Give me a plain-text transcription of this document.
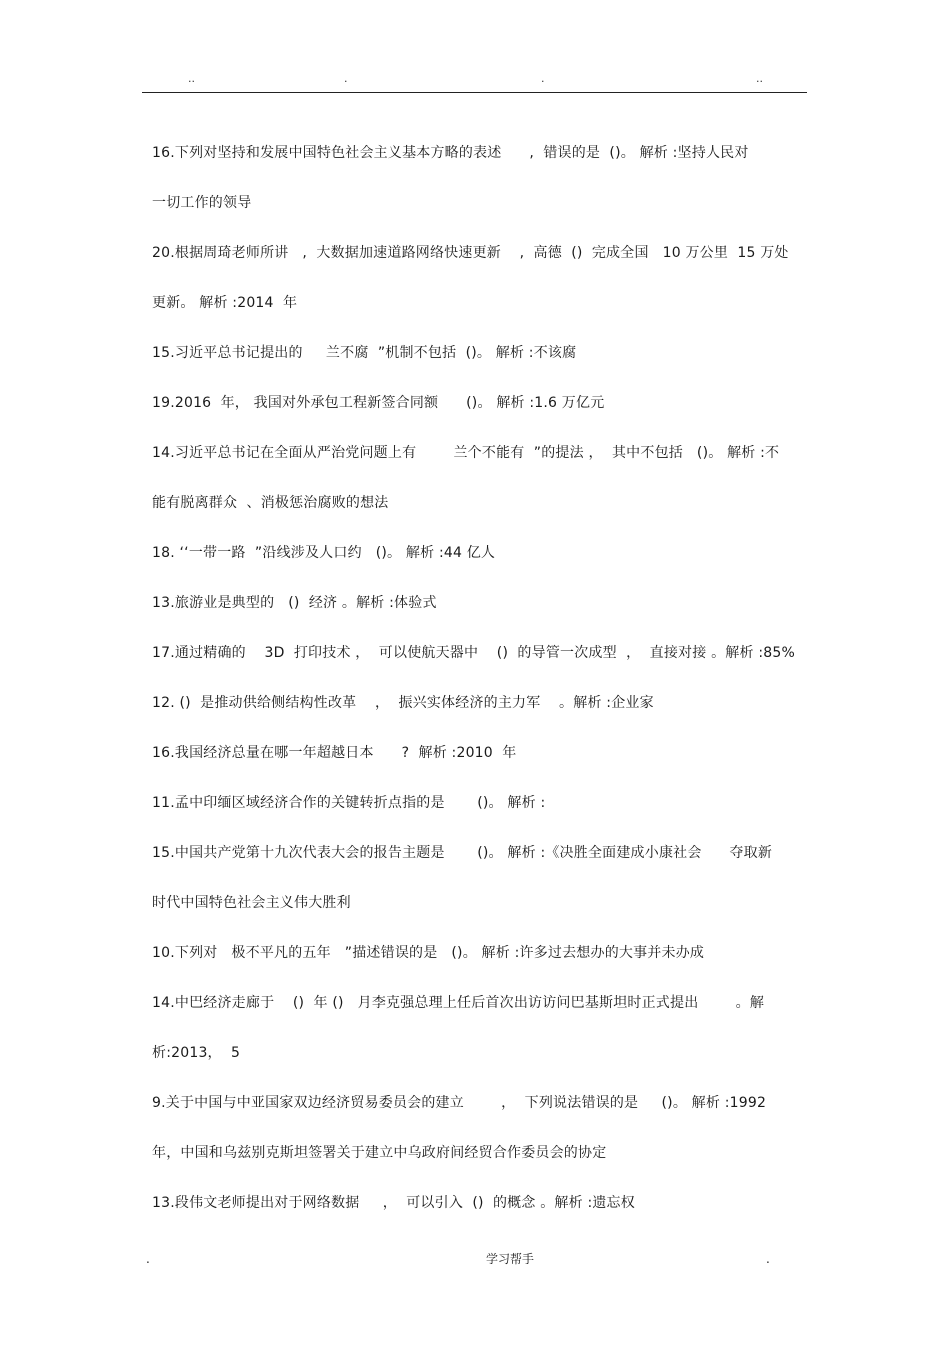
..	.	.	..
16.下列对坚持和发展中国特色社会主义基本方略的表述      ,  错误的是  ()。 解析 :坚持人民对
一切工作的领导
20.根据周琦老师所讲   ,  大数据加速道路网络快速更新    ,  高德  ()  完成全国   10 万公里  15 万处
更新。 解析 :2014  年
15.习近平总书记提出的     兰不腐  ”机制不包括  ()。 解析 :不该腐
19.2016  年， 我国对外承包工程新签合同额      ()。 解析 :1.6 万亿元
14.习近平总书记在全面从严治党问题上有        兰个不能有  ”的提法 ，  其中不包括   ()。 解析 :不
能有脱离群众  、消极惩治腐败的想法
18. ‘‘一带一路  ”沿线涉及人口约   ()。 解析 :44 亿人
13.旅游业是典型的   ()  经济 。解析 :体验式
17.通过精确的    3D  打印技术 ，  可以使航天器中    ()  的导管一次成型  ，  直接对接 。解析 :85%
12. ()  是推动供给侧结构性改革    ，  振兴实体经济的主力军    。解析 :企业家
16.我国经济总量在哪一年超越日本      ?  解析 :2010  年
11.孟中印缅区域经济合作的关键转折点指的是       ()。 解析 :
15.中国共产党第十九次代表大会的报告主题是       ()。 解析 :《决胜全面建成小康社会      夺取新
时代中国特色社会主义伟大胜利
10.下列对   极不平凡的五年   ”描述错误的是   ()。 解析 :许多过去想办的大事并未办成
14.中巴经济走廊于    ()  年 ()   月李克强总理上任后首次出访访问巴基斯坦时正式提出        。解
析:2013，  5
9.关于中国与中亚国家双边经济贸易委员会的建立        ，  下列说法错误的是     ()。 解析 :1992
年，中国和乌兹别克斯坦签署关于建立中乌政府间经贸合作委员会的协定
13.段伟文老师提出对于网络数据     ，  可以引入  ()  的概念 。解析 :遗忘权
.	学习帮手	.
